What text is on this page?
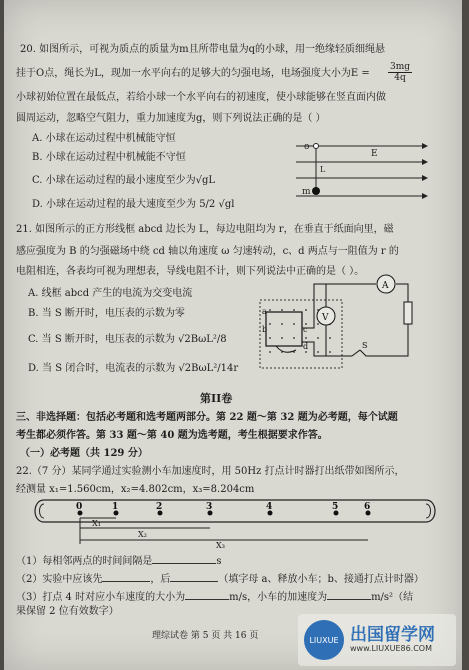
20. 如图所示，可视为质点的质量为m且所带电量为q的小球，用一绝缘轻质细绳悬
挂于O点，绳长为L，现加一水平向右的足够大的匀强电场，电场强度大小为E =
3mg
4q
小球初始位置在最低点，若给小球一个水平向右的初速度，使小球能够在竖直面内做
圆周运动，忽略空气阻力，重力加速度为g，则下列说法正确的是（ ）
A. 小球在运动过程中机械能守恒
B. 小球在运动过程中机械能不守恒
C. 小球在运动过程的最小速度至少为√gL
D. 小球在运动过程的最大速度至少为 5/2 √gl
o
E
L
m
21. 如图所示的正方形线框 abcd 边长为 L，每边电阻均为 r，在垂直于纸面向里，磁
感应强度为 B 的匀强磁场中绕 cd 轴以角速度 ω 匀速转动，c、d 两点与一阻值为 r 的
电阻相连，各表均可视为理想表，导线电阻不计，则下列说法中正确的是（ ）。
A. 线框 abcd 产生的电流为交变电流
B. 当 S 断开时，电压表的示数为零
C. 当 S 断开时，电压表的示数为 √2BωL²/8
D. 当 S 闭合时，电流表的示数为 √2BωL²/14r
a
b	c
d
A
V
S
第II卷
三、非选择题：包括必考题和选考题两部分。第 22 题～第 32 题为必考题，每个试题
考生都必须作答。第 33 题～第 40 题为选考题，考生根据要求作答。
（一）必考题（共 129 分）
22.（7 分）某同学通过实验测小车加速度时，用 50Hz 打点计时器打出纸带如图所示，
经测量 x₁=1.560cm，x₂=4.802cm，x₃=8.204cm
0	1	2	3	4	5	6
X₁
X₂
X₃
（1）每相邻两点的时间间隔是	s
（2）实验中应该先	，后	（填字母 a、释放小车；b、接通打点计时器）
（3）打点 4 时对应小车速度的大小为	m/s，小车的加速度为	m/s²（结
果保留 2 位有效数字）
理综试卷 第 5 页 共 16 页	LIUXUE 出国留学网
www.LIUXUE86.COM
